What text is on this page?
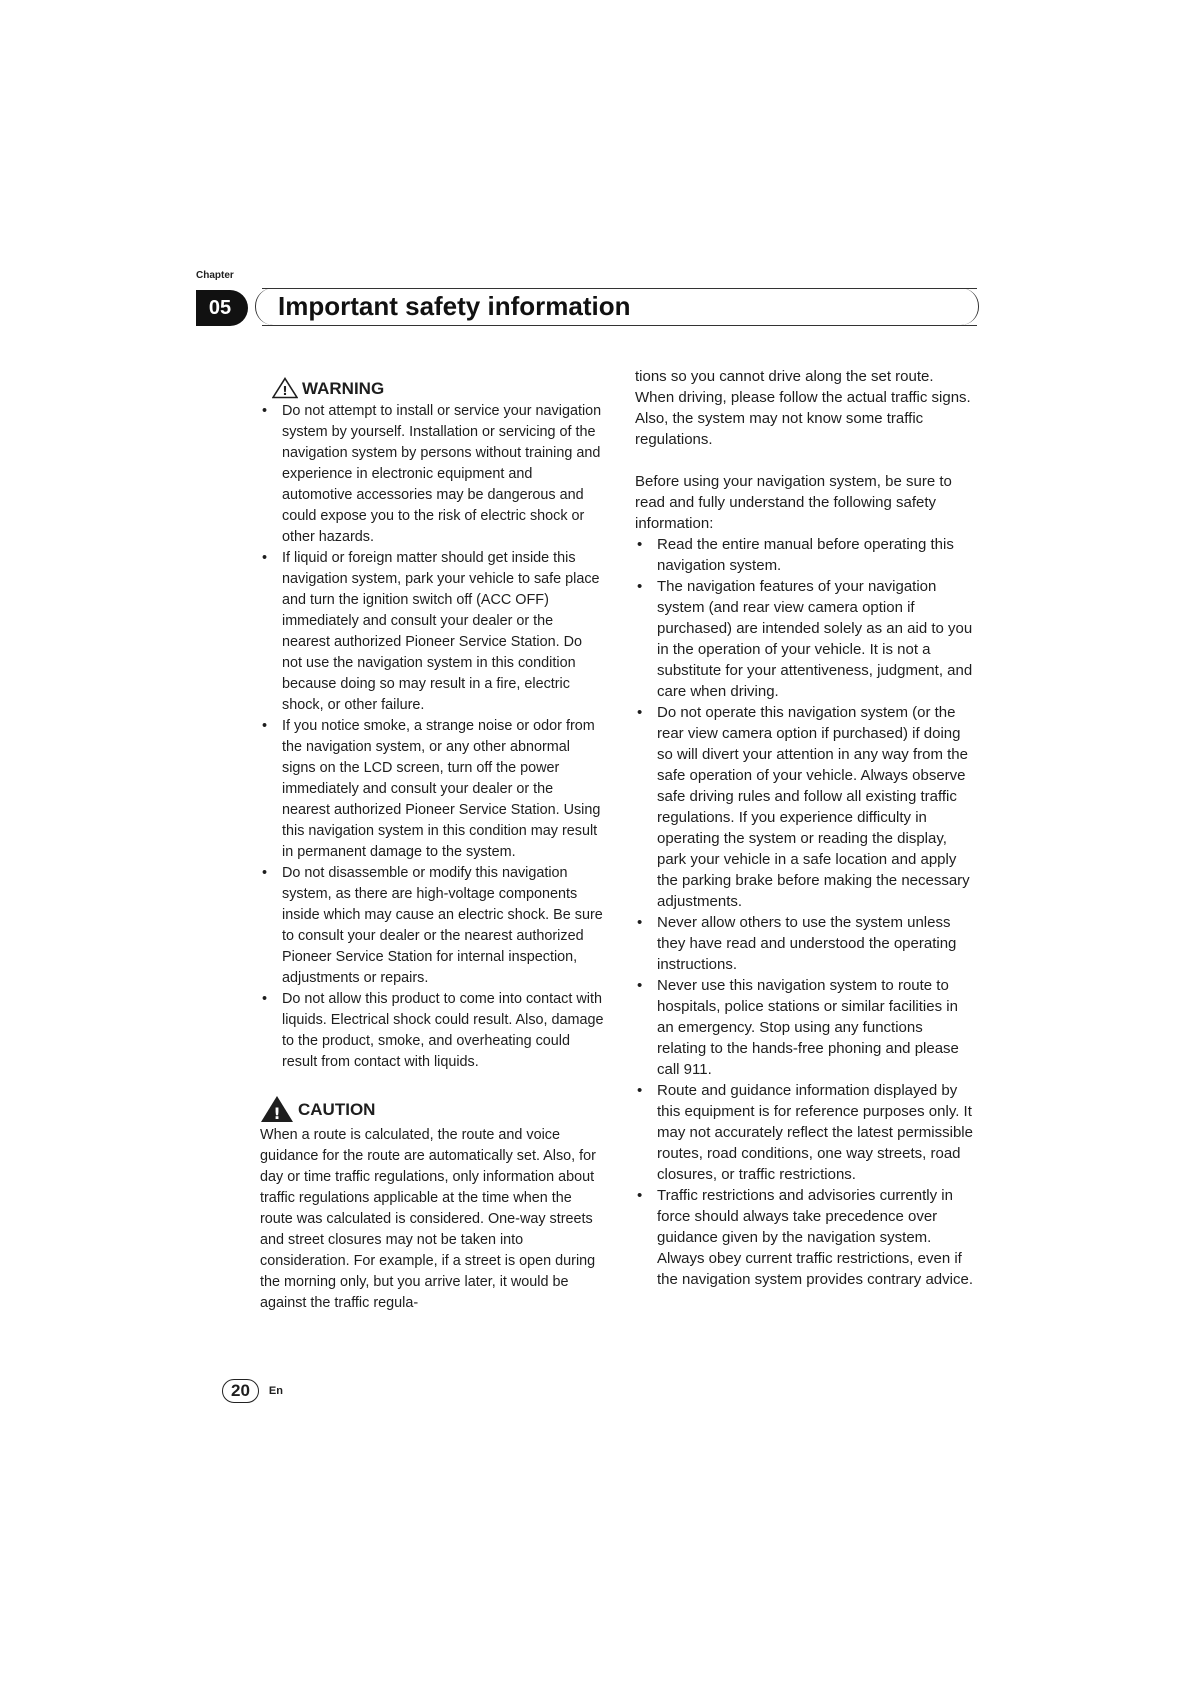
Chapter
05	Important safety information
! WARNING
• Do not attempt to install or service your navigation system by yourself. Installation or servicing of the navigation system by persons without training and experience in electronic equipment and automotive accessories may be dangerous and could expose you to the risk of electric shock or other hazards.
• If liquid or foreign matter should get inside this navigation system, park your vehicle to safe place and turn the ignition switch off (ACC OFF) immediately and consult your dealer or the nearest authorized Pioneer Service Station. Do not use the navigation system in this condition because doing so may result in a fire, electric shock, or other failure.
• If you notice smoke, a strange noise or odor from the navigation system, or any other abnormal signs on the LCD screen, turn off the power immediately and consult your dealer or the nearest authorized Pioneer Service Station. Using this navigation system in this condition may result in permanent damage to the system.
• Do not disassemble or modify this navigation system, as there are high-voltage components inside which may cause an electric shock. Be sure to consult your dealer or the nearest authorized Pioneer Service Station for internal inspection, adjustments or repairs.
• Do not allow this product to come into contact with liquids. Electrical shock could result. Also, damage to the product, smoke, and overheating could result from contact with liquids.
! CAUTION

When a route is calculated, the route and voice guidance for the route are automatically set. Also, for day or time traffic regulations, only information about traffic regulations applicable at the time when the route was calculated is considered. One-way streets and street closures may not be taken into consideration. For example, if a street is open during the morning only, but you arrive later, it would be against the traffic regula-

tions so you cannot drive along the set route. When driving, please follow the actual traffic signs. Also, the system may not know some traffic regulations.

Before using your navigation system, be sure to read and fully understand the following safety information:

• Read the entire manual before operating this navigation system.
• The navigation features of your navigation system (and rear view camera option if purchased) are intended solely as an aid to you in the operation of your vehicle. It is not a substitute for your attentiveness, judgment, and care when driving.
• Do not operate this navigation system (or the rear view camera option if purchased) if doing so will divert your attention in any way from the safe operation of your vehicle. Always observe safe driving rules and follow all existing traffic regulations. If you experience difficulty in operating the system or reading the display, park your vehicle in a safe location and apply the parking brake before making the necessary adjustments.
• Never allow others to use the system unless they have read and understood the operating instructions.
• Never use this navigation system to route to hospitals, police stations or similar facilities in an emergency. Stop using any functions relating to the hands-free phoning and please call 911.
• Route and guidance information displayed by this equipment is for reference purposes only. It may not accurately reflect the latest permissible routes, road conditions, one way streets, road closures, or traffic restrictions.
• Traffic restrictions and advisories currently in force should always take precedence over guidance given by the navigation system. Always obey current traffic restrictions, even if the navigation system provides contrary advice.
20	En
